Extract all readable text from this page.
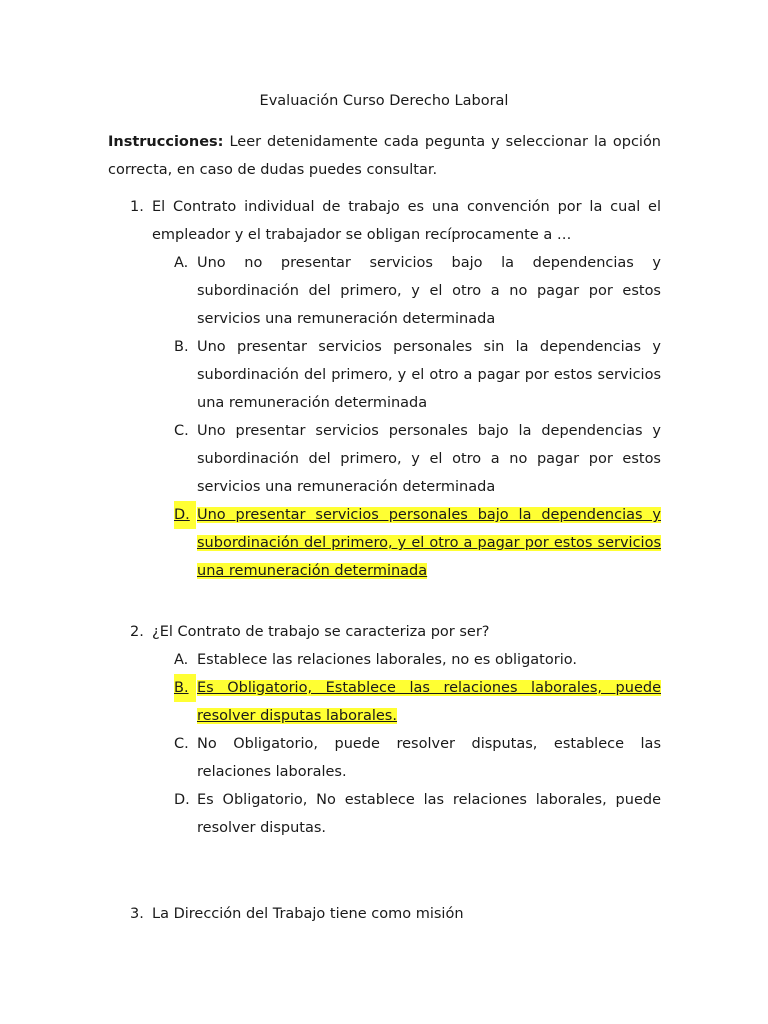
Evaluación Curso Derecho Laboral

Instrucciones: Leer detenidamente cada pegunta y seleccionar la opción correcta, en caso de dudas puedes consultar.

1. El Contrato individual de trabajo es una convención por la cual el empleador y el trabajador se obligan recíprocamente a …
A. Uno no presentar servicios bajo la dependencias y subordinación del primero, y el otro a no pagar por estos servicios una remuneración determinada
B. Uno presentar servicios personales sin la dependencias y subordinación del primero, y el otro a pagar por estos servicios una remuneración determinada
C. Uno presentar servicios personales bajo la dependencias y subordinación del primero, y el otro a no pagar por estos servicios una remuneración determinada
D. Uno presentar servicios personales bajo la dependencias y subordinación del primero, y el otro a pagar por estos servicios una remuneración determinada
2. ¿El Contrato de trabajo se caracteriza por ser?
A. Establece las relaciones laborales, no es obligatorio.
B. Es Obligatorio, Establece las relaciones laborales, puede resolver disputas laborales.
C. No Obligatorio, puede resolver disputas, establece las relaciones laborales.
D. Es Obligatorio, No establece las relaciones laborales, puede resolver disputas.
3. La Dirección del Trabajo tiene como misión
